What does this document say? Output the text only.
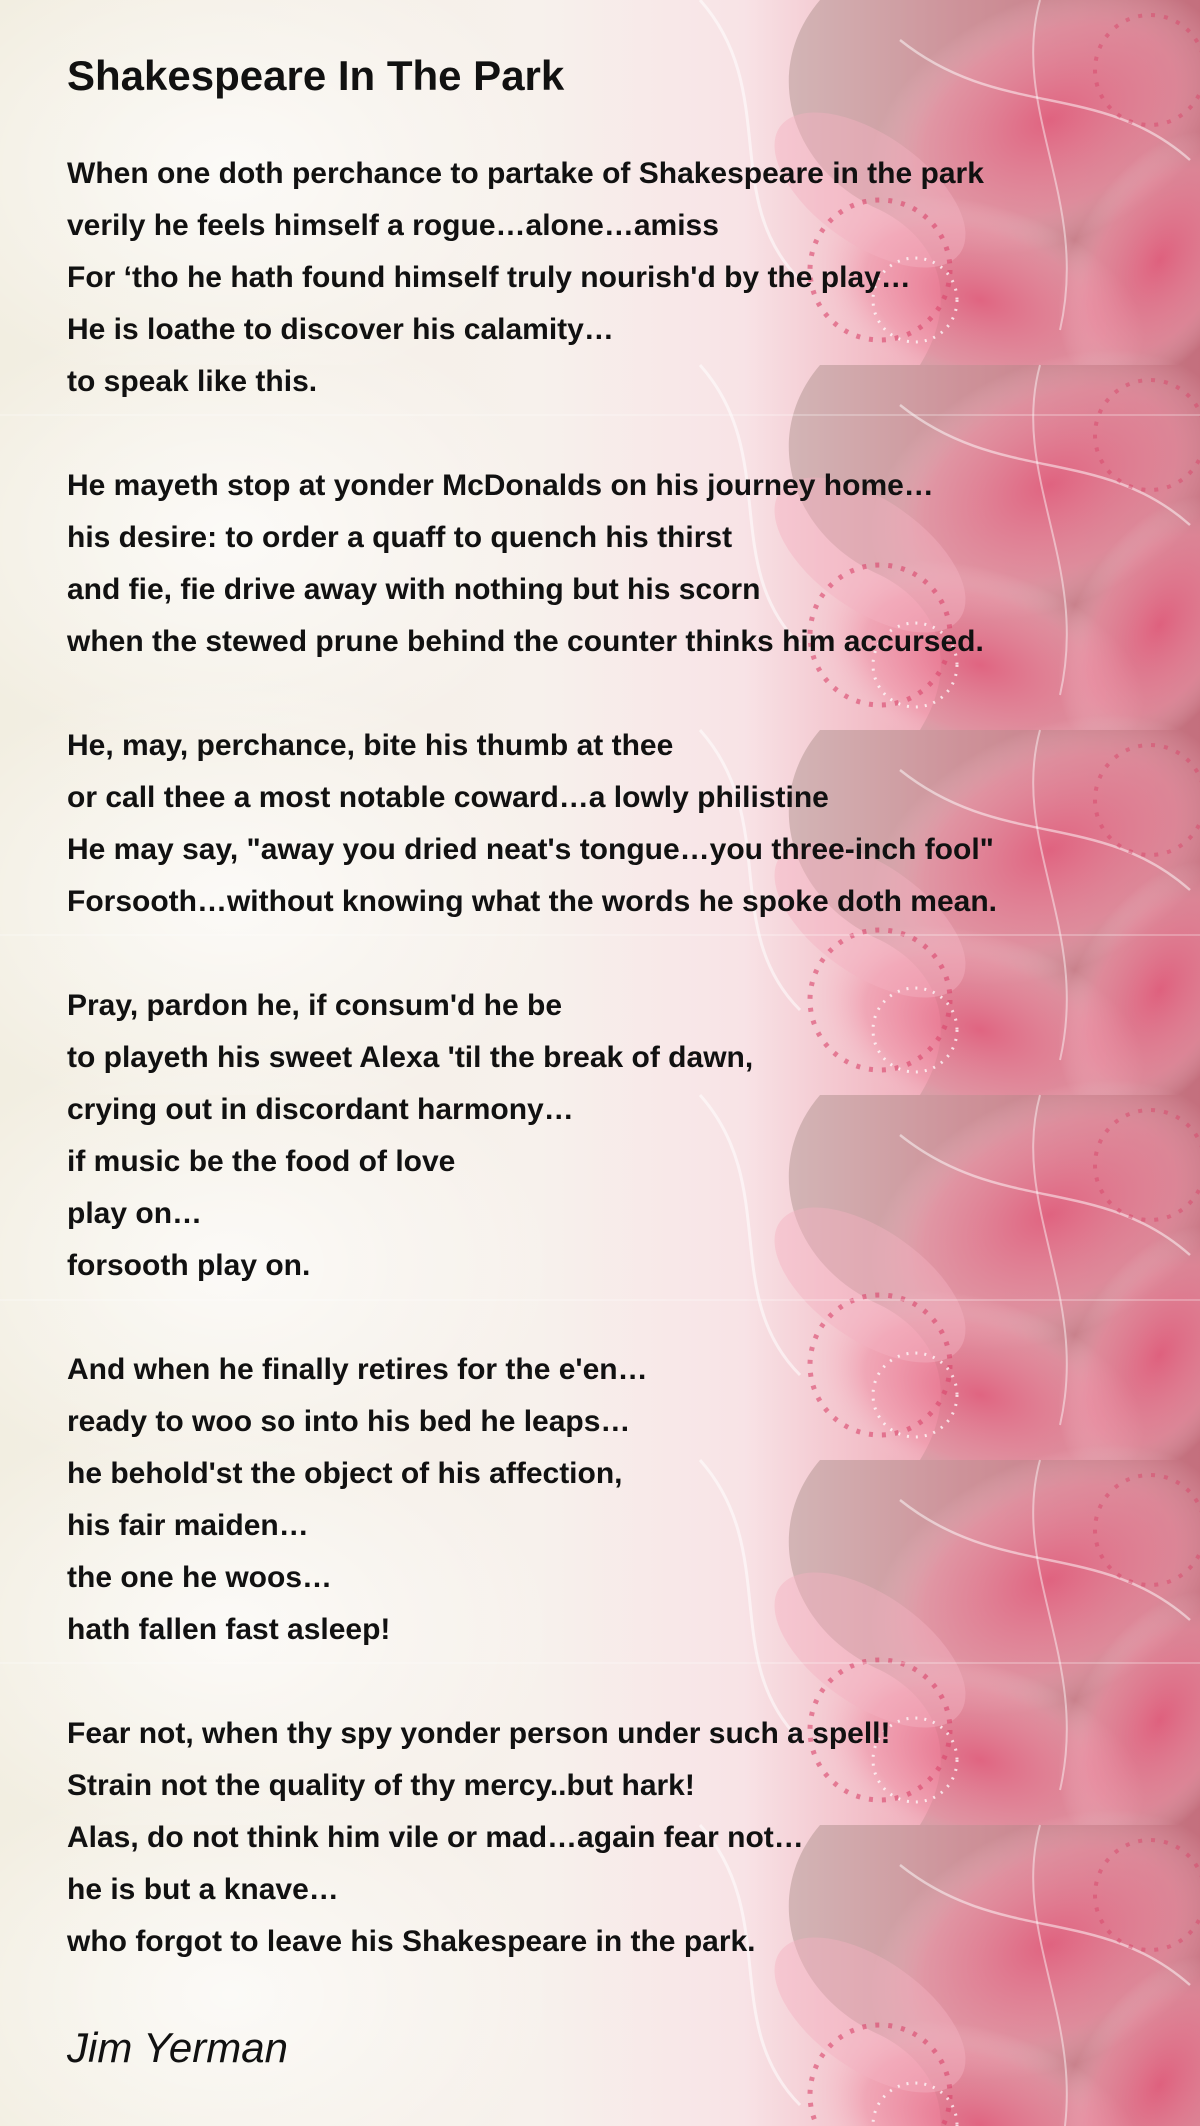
Shakespeare In The Park

When one doth perchance to partake of Shakespeare in the park

verily he feels himself a rogue…alone…amiss

For ‘tho he hath found himself truly nourish'd by the play…

He is loathe to discover his calamity…

to speak like this.

He mayeth stop at yonder McDonalds on his journey home…

his desire: to order a quaff to quench his thirst

and fie, fie drive away with nothing but his scorn

when the stewed prune behind the counter thinks him accursed.

He, may, perchance, bite his thumb at thee

or call thee a most notable coward…a lowly philistine

He may say, "away you dried neat's tongue…you three-inch fool"

Forsooth…without knowing what the words he spoke doth mean.

Pray, pardon he, if consum'd he be

to playeth his sweet Alexa 'til the break of dawn,

crying out in discordant harmony…

if music be the food of love

play on…

forsooth play on.

And when he finally retires for the e'en…

ready to woo so into his bed he leaps…

he behold'st the object of his affection,

his fair maiden…

the one he woos…

hath fallen fast asleep!

Fear not, when thy spy yonder person under such a spell!

Strain not the quality of thy mercy..but hark!

Alas, do not think him vile or mad…again fear not…

he is but a knave…

who forgot to leave his Shakespeare in the park.

Jim Yerman
